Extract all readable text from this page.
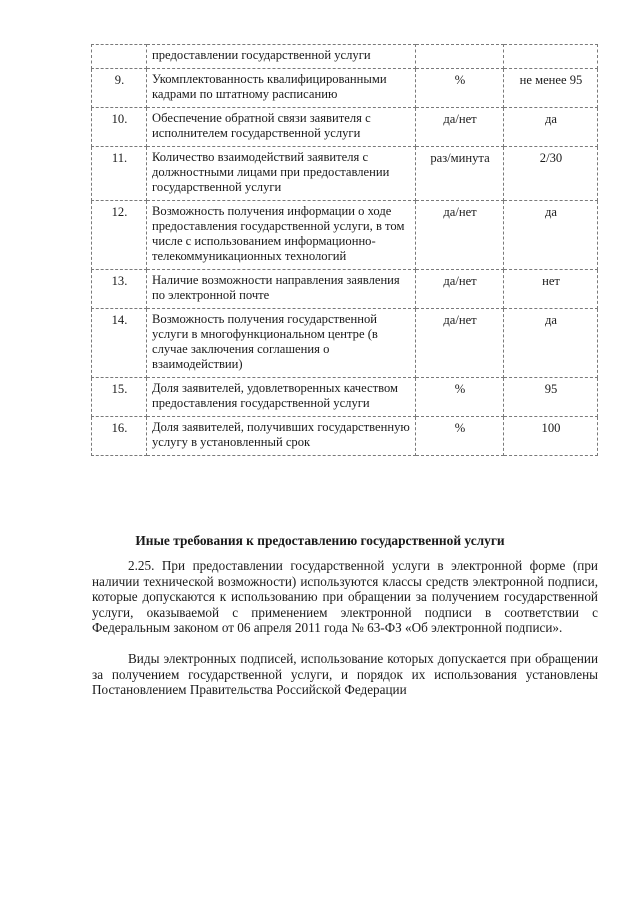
	предоставлении государственной услуги		
9.	Укомплектованность квалифицированными кадрами по штатному расписанию	%	не менее 95
10.	Обеспечение обратной связи заявителя с исполнителем государственной услуги	да/нет	да
11.	Количество взаимодействий заявителя с должностными лицами при предоставлении государственной услуги	раз/минута	2/30
12.	Возможность получения информации о ходе предоставления государственной услуги, в том числе с использованием информационно-телекоммуникационных технологий	да/нет	да
13.	Наличие возможности направления заявления по электронной почте	да/нет	нет
14.	Возможность получения государственной услуги в многофункциональном центре (в случае заключения соглашения о взаимодействии)	да/нет	да
15.	Доля заявителей, удовлетворенных качеством предоставления государственной услуги	%	95
16.	Доля заявителей, получивших государственную услугу в установленный срок	%	100
Иные требования к предоставлению государственной услуги

2.25. При предоставлении государственной услуги в электронной форме (при наличии технической возможности) используются классы средств электронной подписи, которые допускаются к использованию при обращении за получением государственной услуги, оказываемой с применением электронной подписи в соответствии с Федеральным законом от 06 апреля 2011 года № 63-ФЗ «Об электронной подписи».

Виды электронных подписей, использование которых допускается при обращении за получением государственной услуги, и порядок их использования установлены Постановлением Правительства Российской Федерации
